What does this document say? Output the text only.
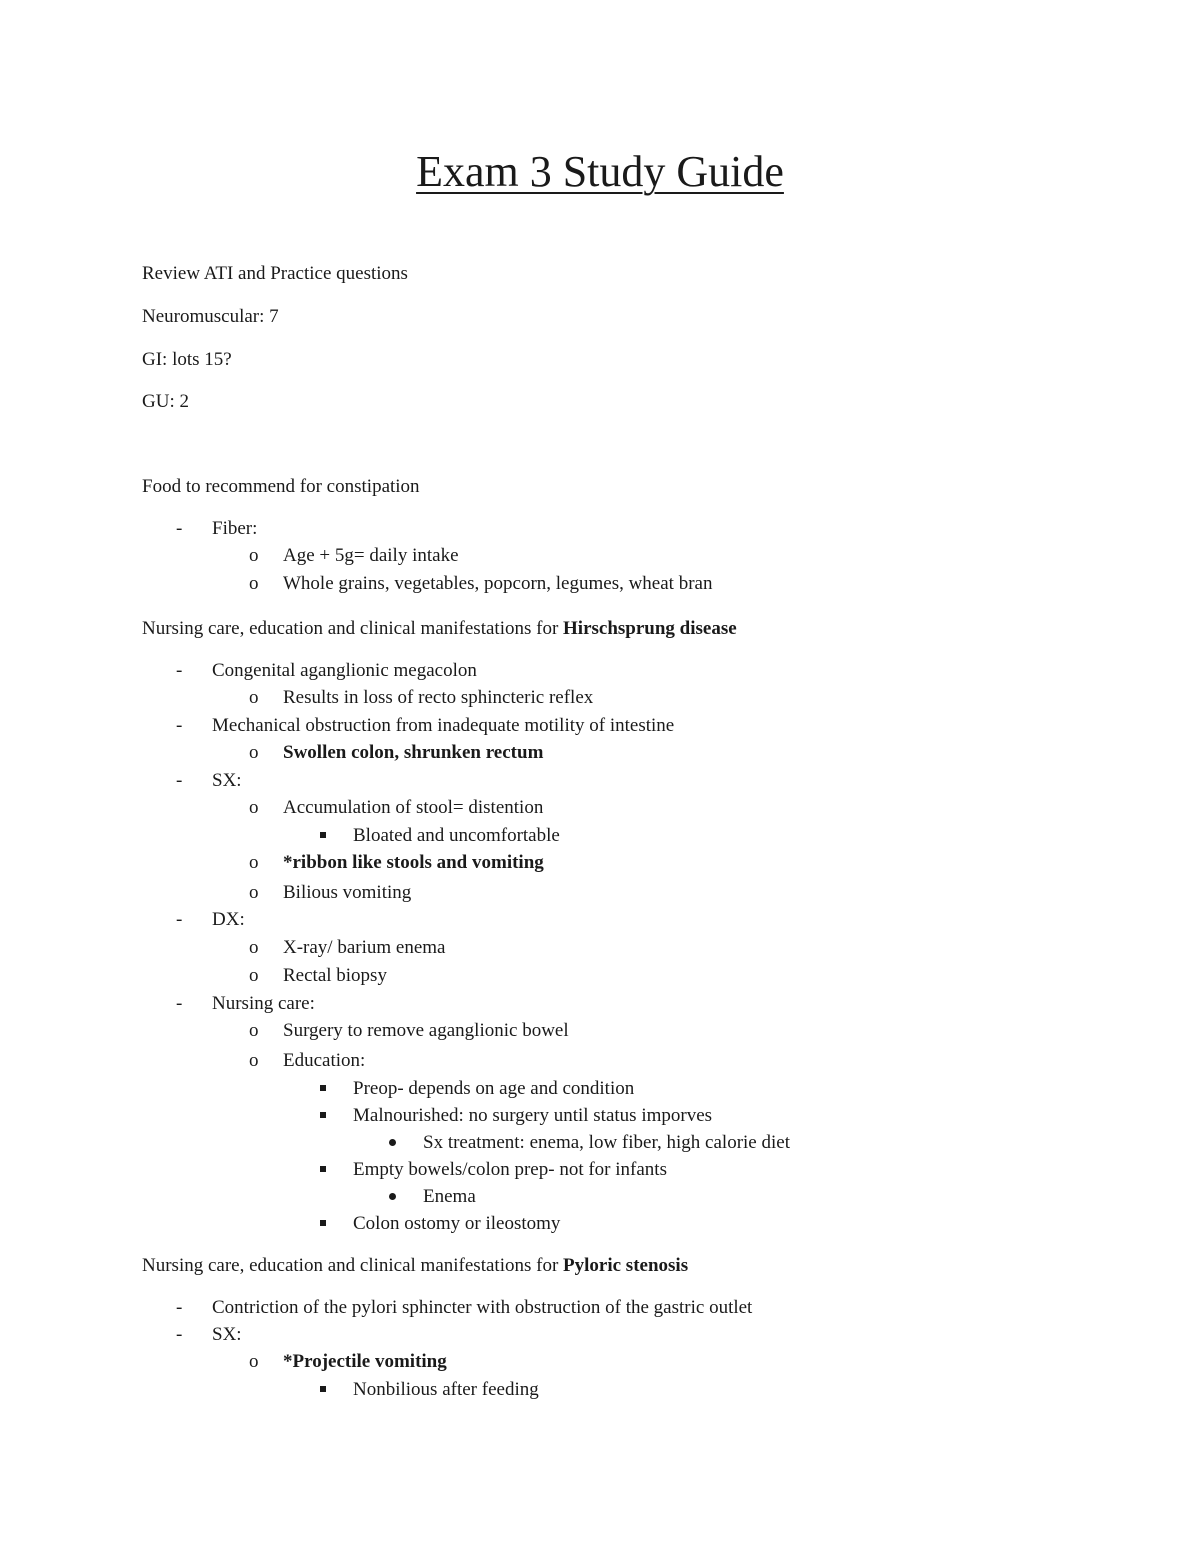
Exam 3 Study Guide
Review ATI and Practice questions
Neuromuscular: 7
GI: lots 15?
GU: 2
Food to recommend for constipation
- Fiber:
o Age + 5g= daily intake
o Whole grains, vegetables, popcorn, legumes, wheat bran
Nursing care, education and clinical manifestations for Hirschsprung disease
- Congenital aganglionic megacolon
o Results in loss of recto sphincteric reflex
- Mechanical obstruction from inadequate motility of intestine
o Swollen colon, shrunken rectum
- SX:
o Accumulation of stool= distention
Bloated and uncomfortable
o *ribbon like stools and vomiting
o Bilious vomiting
- DX:
o X-ray/ barium enema
o Rectal biopsy
- Nursing care:
o Surgery to remove aganglionic bowel
o Education:
Preop- depends on age and condition
Malnourished: no surgery until status imporves
Sx treatment: enema, low fiber, high calorie diet
Empty bowels/colon prep- not for infants
Enema
Colon ostomy or ileostomy
Nursing care, education and clinical manifestations for Pyloric stenosis
- Contriction of the pylori sphincter with obstruction of the gastric outlet
- SX:
o *Projectile vomiting
Nonbilious after feeding
